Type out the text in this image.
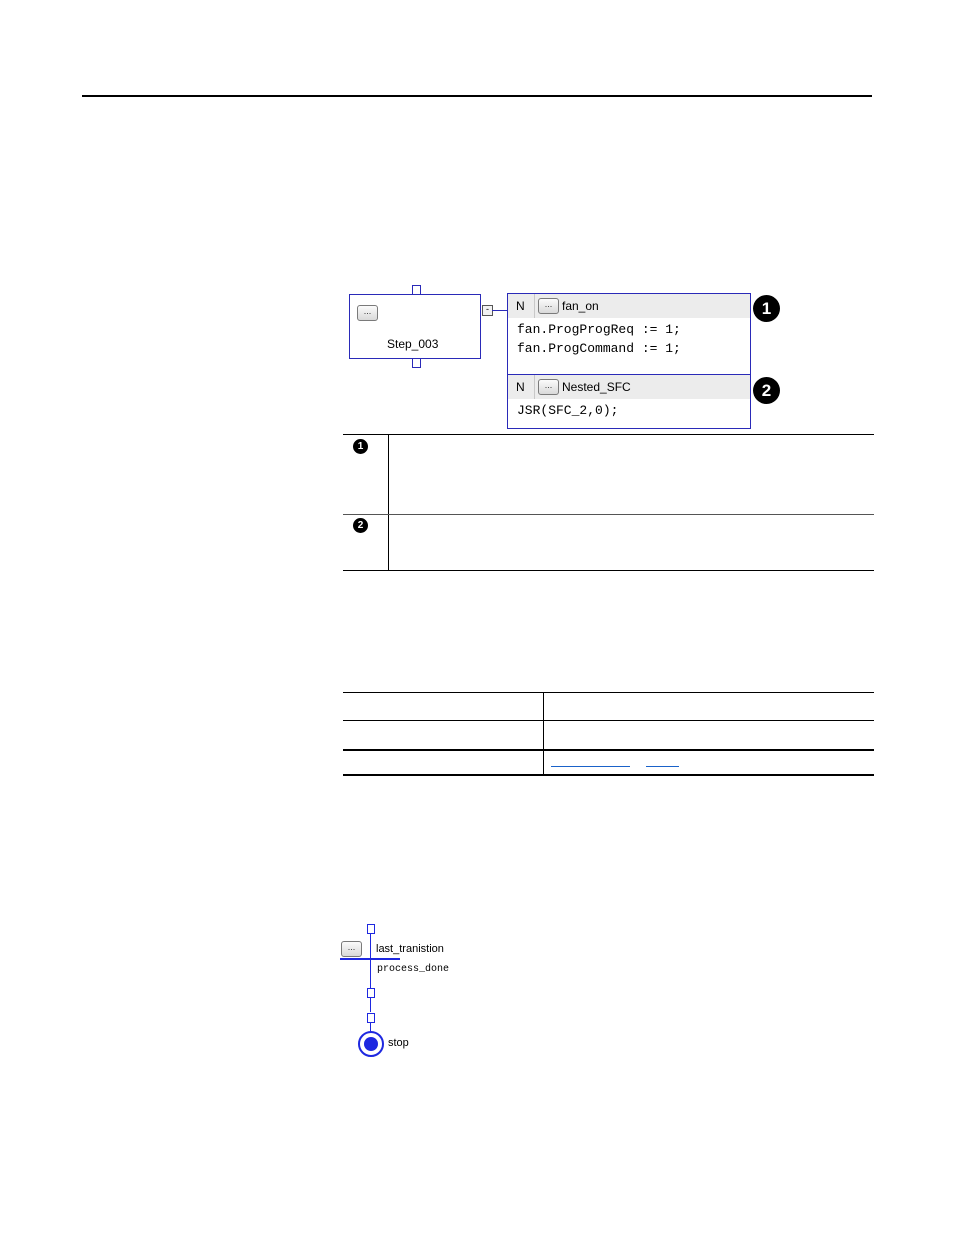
...
Step_003
-	N	... fan_on
fan.ProgProgReq := 1;
fan.ProgCommand := 1;
N	... Nested_SFC
JSR(SFC_2,0);
1
2
1
2
...	last_tranistion
process_done
stop
